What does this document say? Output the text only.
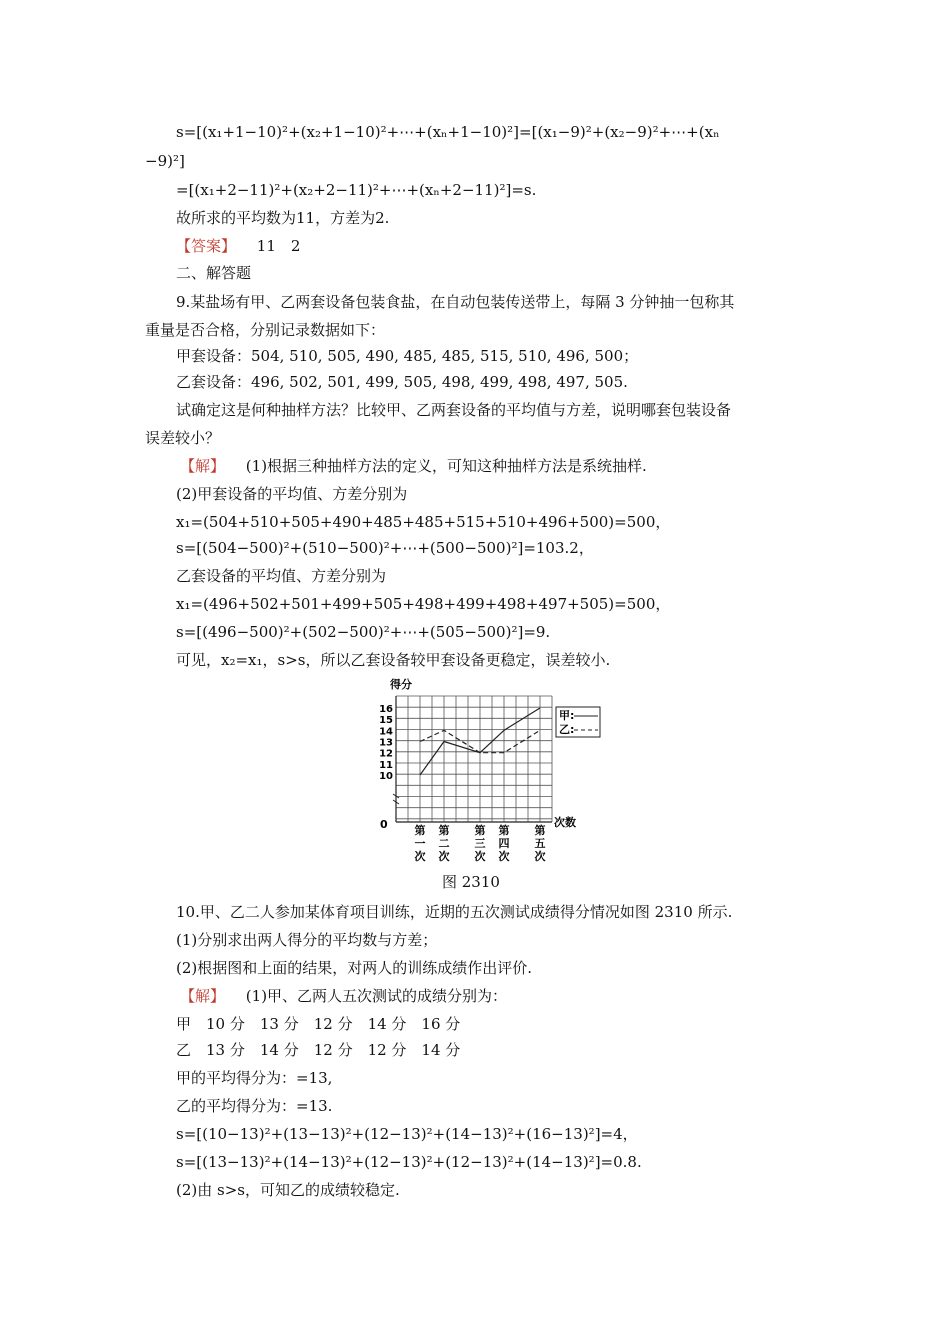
s=[(x₁+1−10)²+(x₂+1−10)²+⋯+(xₙ+1−10)²]=[(x₁−9)²+(x₂−9)²+⋯+(xₙ
−9)²]
=[(x₁+2−11)²+(x₂+2−11)²+⋯+(xₙ+2−11)²]=s.
故所求的平均数为11，方差为2.
【答案】 11　2
二、解答题
9.某盐场有甲、乙两套设备包装食盐，在自动包装传送带上，每隔 3 分钟抽一包称其
重量是否合格，分别记录数据如下：
甲套设备：504, 510, 505, 490, 485, 485, 515, 510, 496, 500；
乙套设备：496, 502, 501, 499, 505, 498, 499, 498, 497, 505.
试确定这是何种抽样方法？比较甲、乙两套设备的平均值与方差，说明哪套包装设备
误差较小？
【解】 (1)根据三种抽样方法的定义，可知这种抽样方法是系统抽样.
(2)甲套设备的平均值、方差分别为
x₁=(504+510+505+490+485+485+515+510+496+500)=500，
s=[(504−500)²+(510−500)²+⋯+(500−500)²]=103.2，
乙套设备的平均值、方差分别为
x₁=(496+502+501+499+505+498+499+498+497+505)=500，
s=[(496−500)²+(502−500)²+⋯+(505−500)²]=9.
可见，x₂=x₁，s>s，所以乙套设备较甲套设备更稳定，误差较小.
得分
次数
0
16
15
14
13
12
11
10
第一次
第二次
第三次
第四次
第五次
甲:
乙:
图 2310
10.甲、乙二人参加某体育项目训练，近期的五次测试成绩得分情况如图 2310 所示.
(1)分别求出两人得分的平均数与方差；
(2)根据图和上面的结果，对两人的训练成绩作出评价.
【解】 (1)甲、乙两人五次测试的成绩分别为：
甲　10 分　13 分　12 分　14 分　16 分
乙　13 分　14 分　12 分　12 分　14 分
甲的平均得分为：=13,
乙的平均得分为：=13.
s=[(10−13)²+(13−13)²+(12−13)²+(14−13)²+(16−13)²]=4，
s=[(13−13)²+(14−13)²+(12−13)²+(12−13)²+(14−13)²]=0.8.
(2)由 s>s，可知乙的成绩较稳定.
